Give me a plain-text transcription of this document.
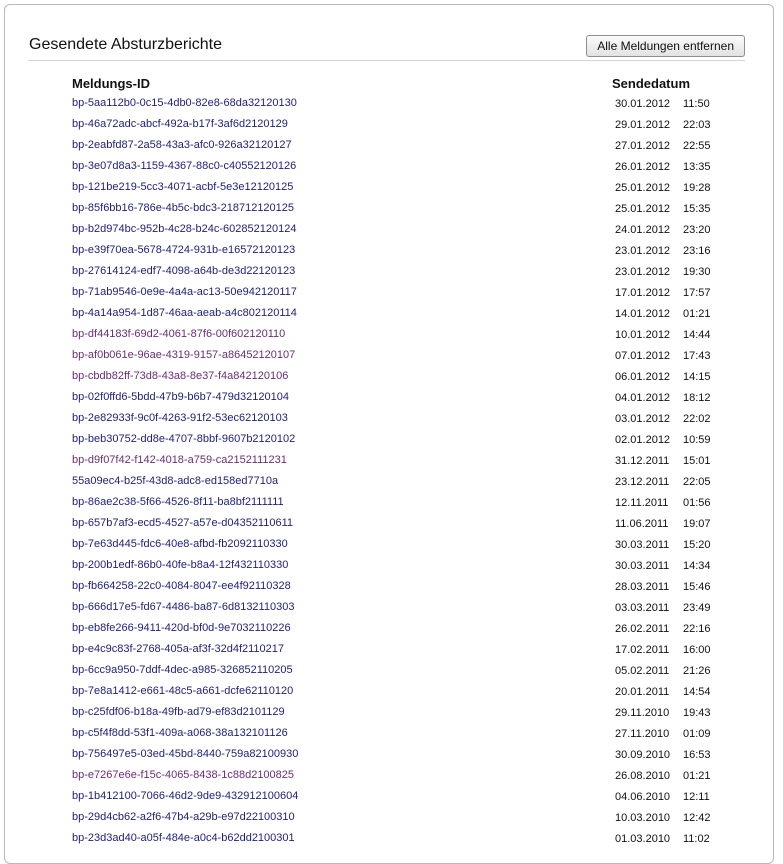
Gesendete Absturzberichte	Alle Meldungen entfernen
Meldungs-ID	Sendedatum
bp-5aa112b0-0c15-4db0-82e8-68da32120130	30.01.2012 11:50
bp-46a72adc-abcf-492a-b17f-3af6d2120129	29.01.2012 22:03
bp-2eabfd87-2a58-43a3-afc0-926a32120127	27.01.2012 22:55
bp-3e07d8a3-1159-4367-88c0-c40552120126	26.01.2012 13:35
bp-121be219-5cc3-4071-acbf-5e3e12120125	25.01.2012 19:28
bp-85f6bb16-786e-4b5c-bdc3-218712120125	25.01.2012 15:35
bp-b2d974bc-952b-4c28-b24c-602852120124	24.01.2012 23:20
bp-e39f70ea-5678-4724-931b-e16572120123	23.01.2012 23:16
bp-27614124-edf7-4098-a64b-de3d22120123	23.01.2012 19:30
bp-71ab9546-0e9e-4a4a-ac13-50e942120117	17.01.2012 17:57
bp-4a14a954-1d87-46aa-aeab-a4c802120114	14.01.2012 01:21
bp-df44183f-69d2-4061-87f6-00f602120110	10.01.2012 14:44
bp-af0b061e-96ae-4319-9157-a86452120107	07.01.2012 17:43
bp-cbdb82ff-73d8-43a8-8e37-f4a842120106	06.01.2012 14:15
bp-02f0ffd6-5bdd-47b9-b6b7-479d32120104	04.01.2012 18:12
bp-2e82933f-9c0f-4263-91f2-53ec62120103	03.01.2012 22:02
bp-beb30752-dd8e-4707-8bbf-9607b2120102	02.01.2012 10:59
bp-d9f07f42-f142-4018-a759-ca2152111231	31.12.2011 15:01
55a09ec4-b25f-43d8-adc8-ed158ed7710a	23.12.2011 22:05
bp-86ae2c38-5f66-4526-8f11-ba8bf2111111	12.11.2011 01:56
bp-657b7af3-ecd5-4527-a57e-d04352110611	11.06.2011 19:07
bp-7e63d445-fdc6-40e8-afbd-fb2092110330	30.03.2011 15:20
bp-200b1edf-86b0-40fe-b8a4-12f432110330	30.03.2011 14:34
bp-fb664258-22c0-4084-8047-ee4f92110328	28.03.2011 15:46
bp-666d17e5-fd67-4486-ba87-6d8132110303	03.03.2011 23:49
bp-eb8fe266-9411-420d-bf0d-9e7032110226	26.02.2011 22:16
bp-e4c9c83f-2768-405a-af3f-32d4f2110217	17.02.2011 16:00
bp-6cc9a950-7ddf-4dec-a985-326852110205	05.02.2011 21:26
bp-7e8a1412-e661-48c5-a661-dcfe62110120	20.01.2011 14:54
bp-c25fdf06-b18a-49fb-ad79-ef83d2101129	29.11.2010 19:43
bp-c5f4f8dd-53f1-409a-a068-38a132101126	27.11.2010 01:09
bp-756497e5-03ed-45bd-8440-759a82100930	30.09.2010 16:53
bp-e7267e6e-f15c-4065-8438-1c88d2100825	26.08.2010 01:21
bp-1b412100-7066-46d2-9de9-432912100604	04.06.2010 12:11
bp-29d4cb62-a2f6-47b4-a29b-e97d22100310	10.03.2010 12:42
bp-23d3ad40-a05f-484e-a0c4-b62dd2100301	01.03.2010 11:02
